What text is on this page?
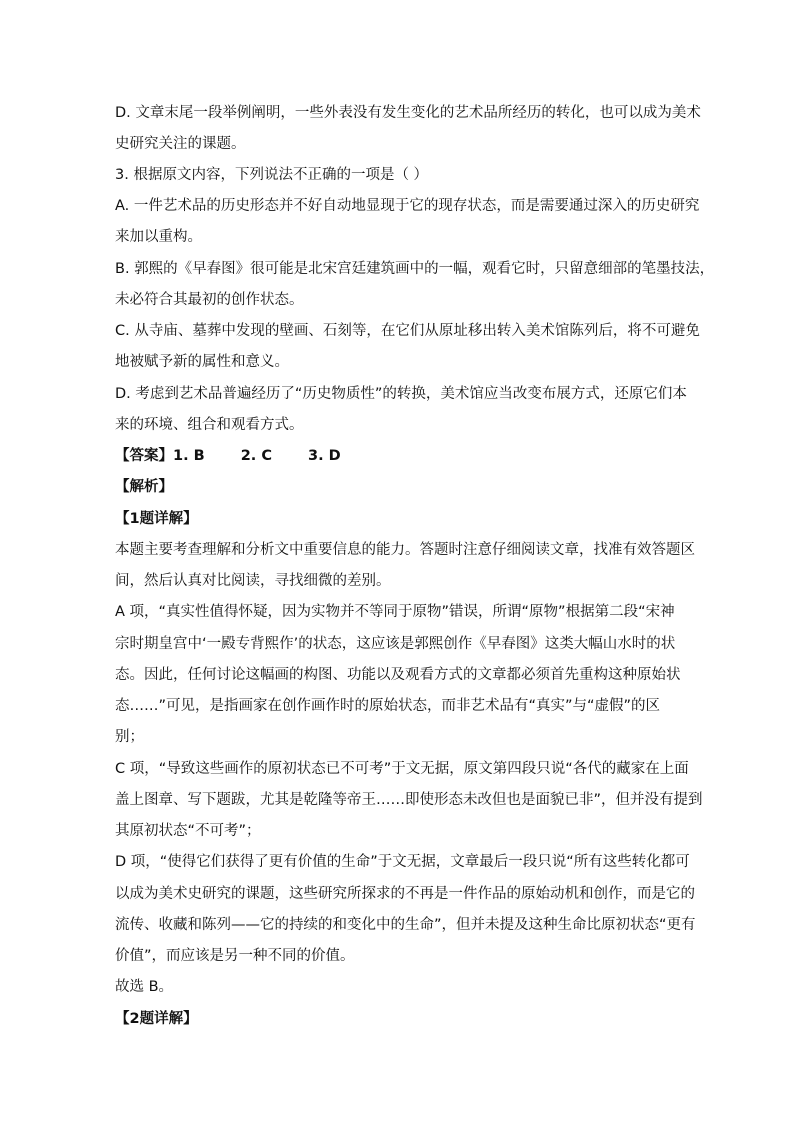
D. 文章末尾一段举例阐明，一些外表没有发生变化的艺术品所经历的转化，也可以成为美术
史研究关注的课题。
3. 根据原文内容，下列说法不正确的一项是（ ）
A. 一件艺术品的历史形态并不好自动地显现于它的现存状态，而是需要通过深入的历史研究
来加以重构。
B. 郭熙的《早春图》很可能是北宋宫廷建筑画中的一幅，观看它时，只留意细部的笔墨技法，
未必符合其最初的创作状态。
C. 从寺庙、墓葬中发现的壁画、石刻等，在它们从原址移出转入美术馆陈列后，将不可避免
地被赋予新的属性和意义。
D. 考虑到艺术品普遍经历了“历史物质性”的转换，美术馆应当改变布展方式，还原它们本
来的环境、组合和观看方式。
【答案】1. B 2. C 3. D
【解析】
【1题详解】
本题主要考查理解和分析文中重要信息的能力。答题时注意仔细阅读文章，找准有效答题区
间，然后认真对比阅读，寻找细微的差别。
A 项，“真实性值得怀疑，因为实物并不等同于原物”错误，所谓“原物”根据第二段“宋神
宗时期皇宫中‘一殿专背熙作’的状态，这应该是郭熙创作《早春图》这类大幅山水时的状
态。因此，任何讨论这幅画的构图、功能以及观看方式的文章都必须首先重构这种原始状
态……”可见，是指画家在创作画作时的原始状态，而非艺术品有“真实”与“虚假”的区
别；
C 项，“导致这些画作的原初状态已不可考”于文无据，原文第四段只说“各代的藏家在上面
盖上图章、写下题跋，尤其是乾隆等帝王……即使形态未改但也是面貌已非”，但并没有提到
其原初状态“不可考”；
D 项，“使得它们获得了更有价值的生命”于文无据，文章最后一段只说“所有这些转化都可
以成为美术史研究的课题，这些研究所探求的不再是一件作品的原始动机和创作，而是它的
流传、收藏和陈列——它的持续的和变化中的生命”，但并未提及这种生命比原初状态“更有
价值”，而应该是另一种不同的价值。
故选 B。
【2题详解】
